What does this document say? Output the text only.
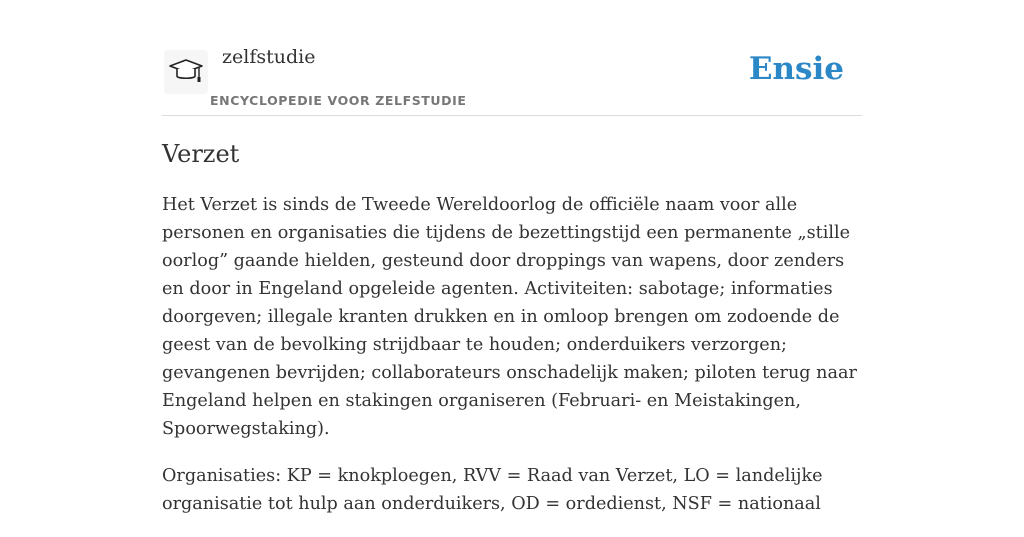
zelfstudie
ENCYCLOPEDIE VOOR ZELFSTUDIE
Ensie
Verzet

Het Verzet is sinds de Tweede Wereldoorlog de officiële naam voor alle personen en organisaties die tijdens de bezettingstijd een permanente „stille oorlog” gaande hielden, gesteund door droppings van wapens, door zenders en door in Engeland opgeleide agenten. Activiteiten: sabotage; informaties doorgeven; illegale kranten drukken en in omloop brengen om zodoende de geest van de bevolking strijdbaar te houden; onderduikers verzorgen; gevangenen bevrijden; collaborateurs onschadelijk maken; piloten terug naar Engeland helpen en stakingen organiseren (Februari- en Meistakingen, Spoorwegstaking).

Organisaties: KP = knokploegen, RVV = Raad van Verzet, LO = landelijke organisatie tot hulp aan onderduikers, OD = ordedienst, NSF = nationaal
